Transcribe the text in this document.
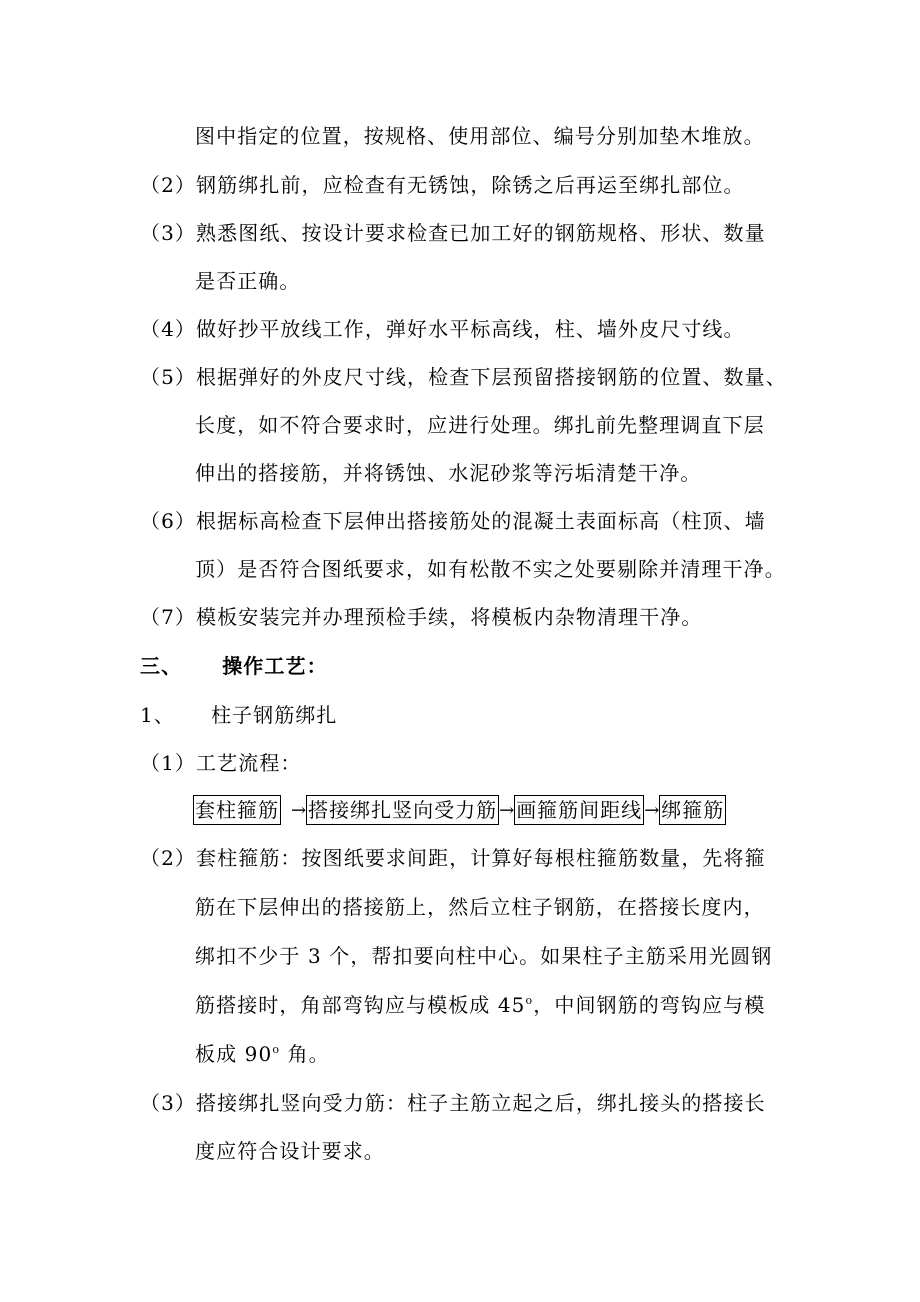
图中指定的位置，按规格、使用部位、编号分别加垫木堆放。
（2）钢筋绑扎前，应检查有无锈蚀，除锈之后再运至绑扎部位。
（3）熟悉图纸、按设计要求检查已加工好的钢筋规格、形状、数量
是否正确。
（4）做好抄平放线工作，弹好水平标高线，柱、墙外皮尺寸线。
（5）根据弹好的外皮尺寸线，检查下层预留搭接钢筋的位置、数量、
长度，如不符合要求时，应进行处理。绑扎前先整理调直下层
伸出的搭接筋，并将锈蚀、水泥砂浆等污垢清楚干净。
（6）根据标高检查下层伸出搭接筋处的混凝土表面标高（柱顶、墙
顶）是否符合图纸要求，如有松散不实之处要剔除并清理干净。
（7）模板安装完并办理预检手续，将模板内杂物清理干净。
三、 操作工艺：
1、 柱子钢筋绑扎
（1）工艺流程：
套柱箍筋 → 搭接绑扎竖向受力筋 → 画箍筋间距线 → 绑箍筋
（2）套柱箍筋：按图纸要求间距，计算好每根柱箍筋数量，先将箍
筋在下层伸出的搭接筋上，然后立柱子钢筋，在搭接长度内，
绑扣不少于 3 个，帮扣要向柱中心。如果柱子主筋采用光圆钢
筋搭接时，角部弯钩应与模板成 45$^o$，中间钢筋的弯钩应与模
板成 90$^o$ 角。
（3）搭接绑扎竖向受力筋：柱子主筋立起之后，绑扎接头的搭接长
度应符合设计要求。
